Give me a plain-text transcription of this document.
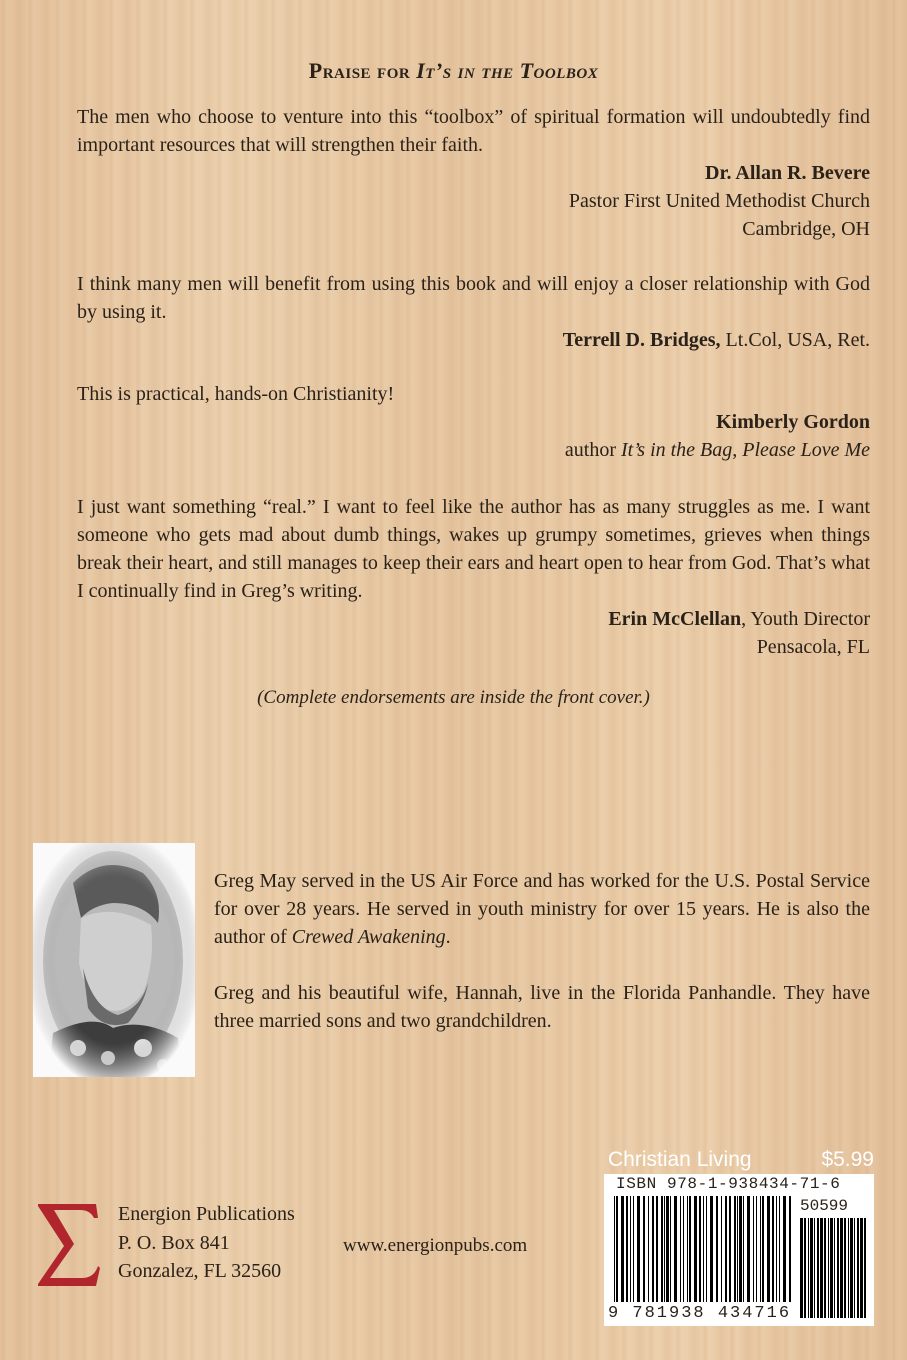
Praise for It’s in the Toolbox

The men who choose to venture into this “toolbox” of spiritual formation will undoubtedly find important resources that will strengthen their faith.

Dr. Allan R. Bevere
Pastor First United Methodist Church
Cambridge, OH

I think many men will benefit from using this book and will enjoy a closer relationship with God by using it.

Terrell D. Bridges, Lt.Col, USA, Ret.

This is practical, hands-on Christianity!

Kimberly Gordon
author It’s in the Bag, Please Love Me

I just want something “real.” I want to feel like the author has as many struggles as me. I want someone who gets mad about dumb things, wakes up grumpy sometimes, grieves when things break their heart, and still manages to keep their ears and heart open to hear from God. That’s what I continually find in Greg’s writing.

Erin McClellan, Youth Director
Pensacola, FL
(Complete endorsements are inside the front cover.)

Greg May served in the US Air Force and has worked for the U.S. Postal Service for over 28 years. He served in youth ministry for over 15 years. He is also the author of Crewed Awakening.

Greg and his beautiful wife, Hannah, live in the Florida Panhandle. They have three married sons and two grandchildren.

Energion Publications
P. O. Box 841
Gonzalez, FL 32560
www.energionpubs.com
Christian Living	$5.99
ISBN 978-1-938434-71-6
50599
9 781938 434716
